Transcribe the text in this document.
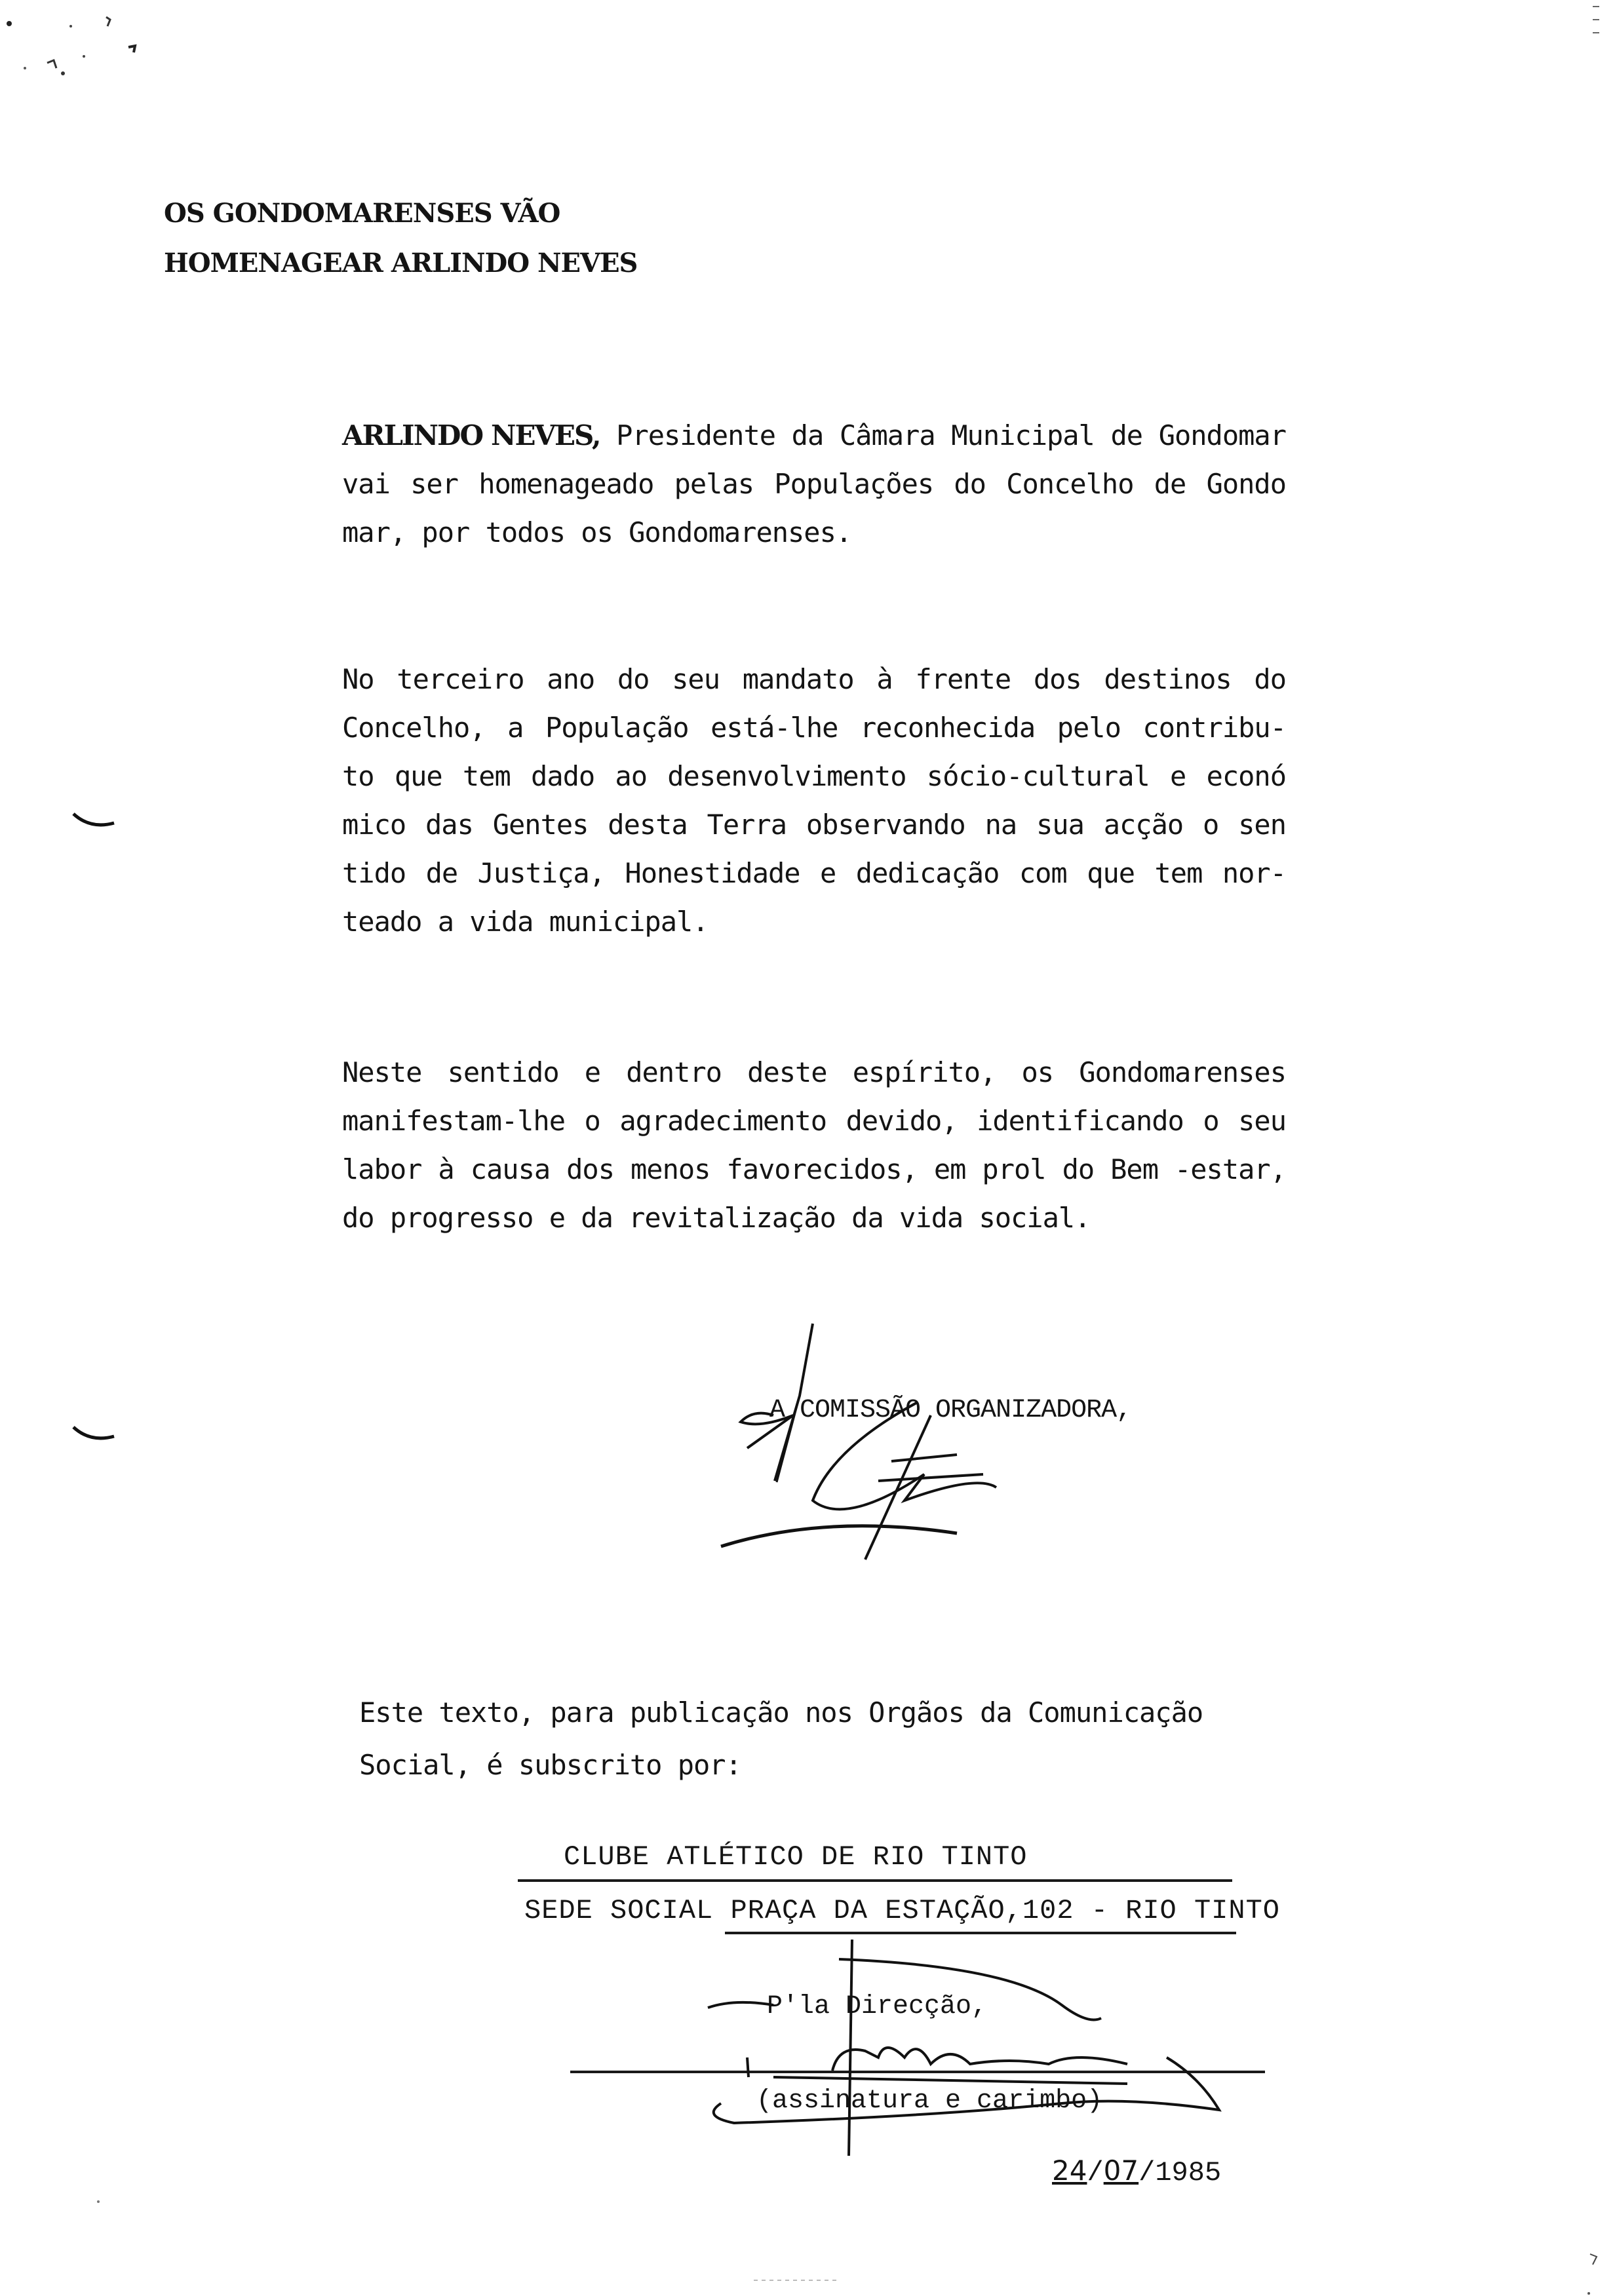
OS GONDOMARENSES VÃO
HOMENAGEAR ARLINDO NEVES

ARLINDO NEVES, Presidente da Câmara Municipal de Gondomar vai ser homenageado pelas Populações do Concelho de Gondo mar, por todos os Gondomarenses.

No terceiro ano do seu mandato à frente dos destinos do Concelho, a População está-lhe reconhecida pelo contribu- to que tem dado ao desenvolvimento sócio-cultural e econó mico das Gentes desta Terra observando na sua acção o sen tido de Justiça, Honestidade e dedicação com que tem nor- teado a vida municipal.

Neste sentido e dentro deste espírito, os Gondomarenses manifestam-lhe o agradecimento devido, identificando o seu labor à causa dos menos favorecidos, em prol do Bem -estar, do progresso e da revitalização da vida social.

A COMISSÃO ORGANIZADORA,
Este texto, para publicação nos Orgãos da Comunicação
Social, é subscrito por:
CLUBE ATLÉTICO DE RIO TINTO
SEDE SOCIAL PRAÇA DA ESTAÇÃO,102 - RIO TINTO
P'la Direcção,
(assinatura e carimbo)
24/07/1985
